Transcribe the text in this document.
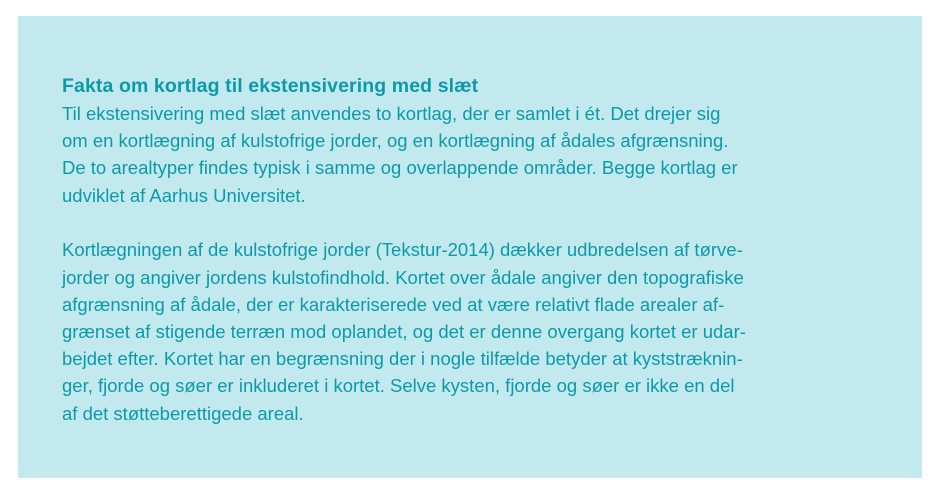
Fakta om kortlag til ekstensivering med slæt

Til ekstensivering med slæt anvendes to kortlag, der er samlet i ét. Det drejer sig
om en kortlægning af kulstofrige jorder, og en kortlægning af ådales afgrænsning.
De to arealtyper findes typisk i samme og overlappende områder. Begge kortlag er
udviklet af Aarhus Universitet.

Kortlægningen af de kulstofrige jorder (Tekstur-2014) dækker udbredelsen af tørve-
jorder og angiver jordens kulstofindhold. Kortet over ådale angiver den topografiske
afgrænsning af ådale, der er karakteriserede ved at være relativt flade arealer af-
grænset af stigende terræn mod oplandet, og det er denne overgang kortet er udar-
bejdet efter. Kortet har en begrænsning der i nogle tilfælde betyder at kyststræknin-
ger, fjorde og søer er inkluderet i kortet. Selve kysten, fjorde og søer er ikke en del
af det støtteberettigede areal.
